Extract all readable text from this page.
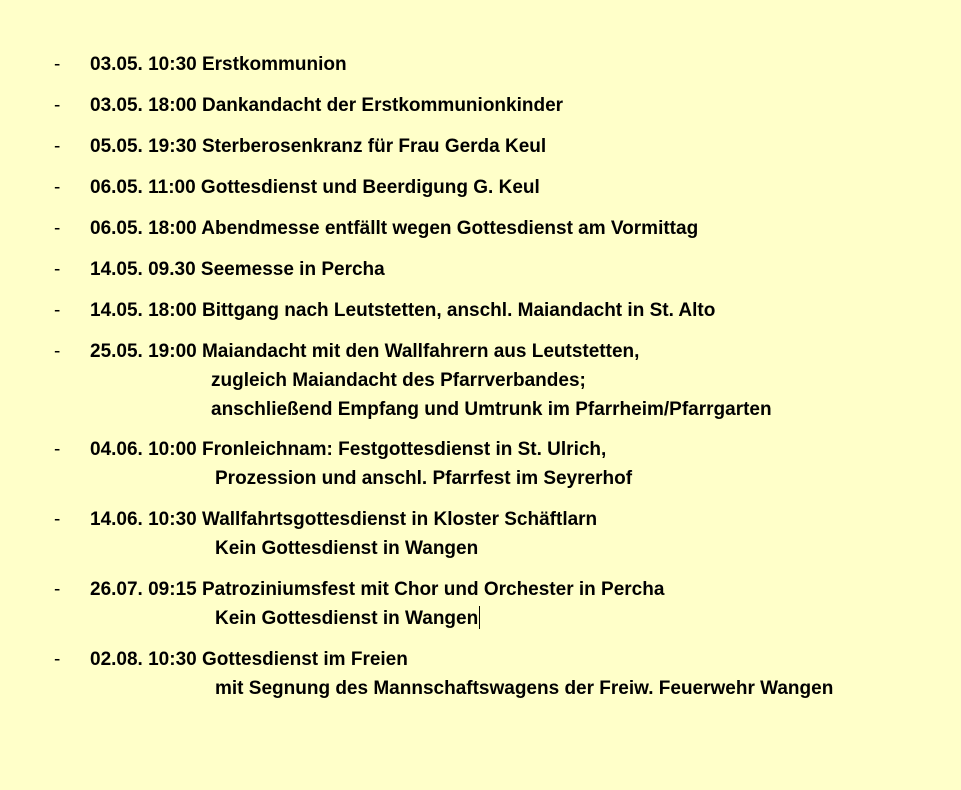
- 03.05. 10:30 Erstkommunion
- 03.05. 18:00 Dankandacht der Erstkommunionkinder
- 05.05. 19:30 Sterberosenkranz für Frau Gerda Keul
- 06.05. 11:00 Gottesdienst und Beerdigung G. Keul
- 06.05. 18:00 Abendmesse entfällt wegen Gottesdienst am Vormittag
- 14.05. 09.30 Seemesse in Percha
- 14.05. 18:00 Bittgang nach Leutstetten, anschl. Maiandacht in St. Alto
- 25.05. 19:00 Maiandacht mit den Wallfahrern aus Leutstetten,
zugleich Maiandacht des Pfarrverbandes;
anschließend Empfang und Umtrunk im Pfarrheim/Pfarrgarten
- 04.06. 10:00 Fronleichnam: Festgottesdienst in St. Ulrich,
Prozession und anschl. Pfarrfest im Seyrerhof
- 14.06. 10:30 Wallfahrtsgottesdienst in Kloster Schäftlarn
Kein Gottesdienst in Wangen
- 26.07. 09:15 Patroziniumsfest mit Chor und Orchester in Percha
Kein Gottesdienst in Wangen
- 02.08. 10:30 Gottesdienst im Freien
mit Segnung des Mannschaftswagens der Freiw. Feuerwehr Wangen
